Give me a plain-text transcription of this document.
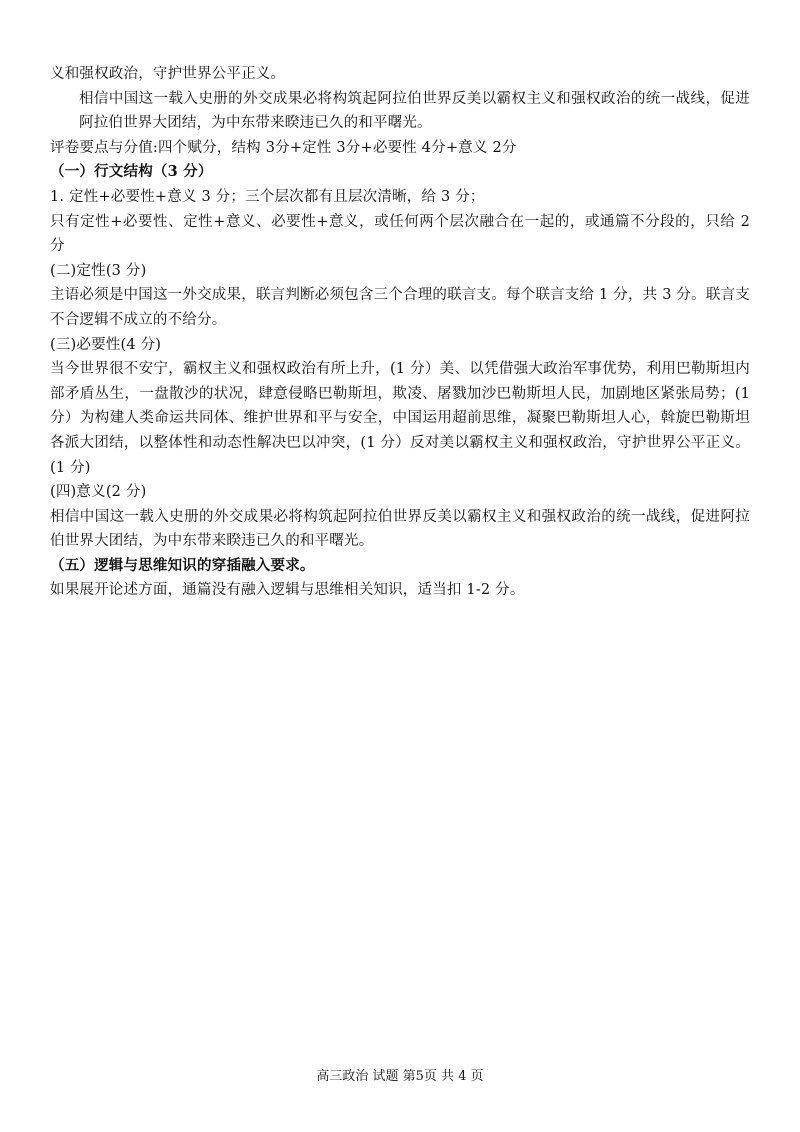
义和强权政治，守护世界公平正义。
相信中国这一载入史册的外交成果必将构筑起阿拉伯世界反美以霸权主义和强权政治的统一战线，促进阿拉伯世界大团结，为中东带来睽违已久的和平曙光。
评卷要点与分值:四个赋分，结构 3分+定性 3分+必要性 4分+意义 2分
（一）行文结构（3 分）
1. 定性+必要性+意义 3 分；三个层次都有且层次清晰，给 3 分；
只有定性+必要性、定性+意义、必要性+意义，或任何两个层次融合在一起的，或通篇不分段的，只给 2 分
(二)定性(3 分)
主语必须是中国这一外交成果，联言判断必须包含三个合理的联言支。每个联言支给 1 分，共 3 分。联言支不合逻辑不成立的不给分。
(三)必要性(4 分)
当今世界很不安宁，霸权主义和强权政治有所上升，(1 分）美、以凭借强大政治军事优势，利用巴勒斯坦内部矛盾丛生，一盘散沙的状况，肆意侵略巴勒斯坦，欺凌、屠戮加沙巴勒斯坦人民，加剧地区紧张局势；(1 分）为构建人类命运共同体、维护世界和平与安全，中国运用超前思维，凝聚巴勒斯坦人心，斡旋巴勒斯坦各派大团结，以整体性和动态性解决巴以冲突，(1 分）反对美以霸权主义和强权政治，守护世界公平正义。(1 分)
(四)意义(2 分)
相信中国这一载入史册的外交成果必将构筑起阿拉伯世界反美以霸权主义和强权政治的统一战线，促进阿拉伯世界大团结，为中东带来睽违已久的和平曙光。
（五）逻辑与思维知识的穿插融入要求。
如果展开论述方面，通篇没有融入逻辑与思维相关知识，适当扣 1-2 分。
高三政治 试题 第5页 共 4 页
